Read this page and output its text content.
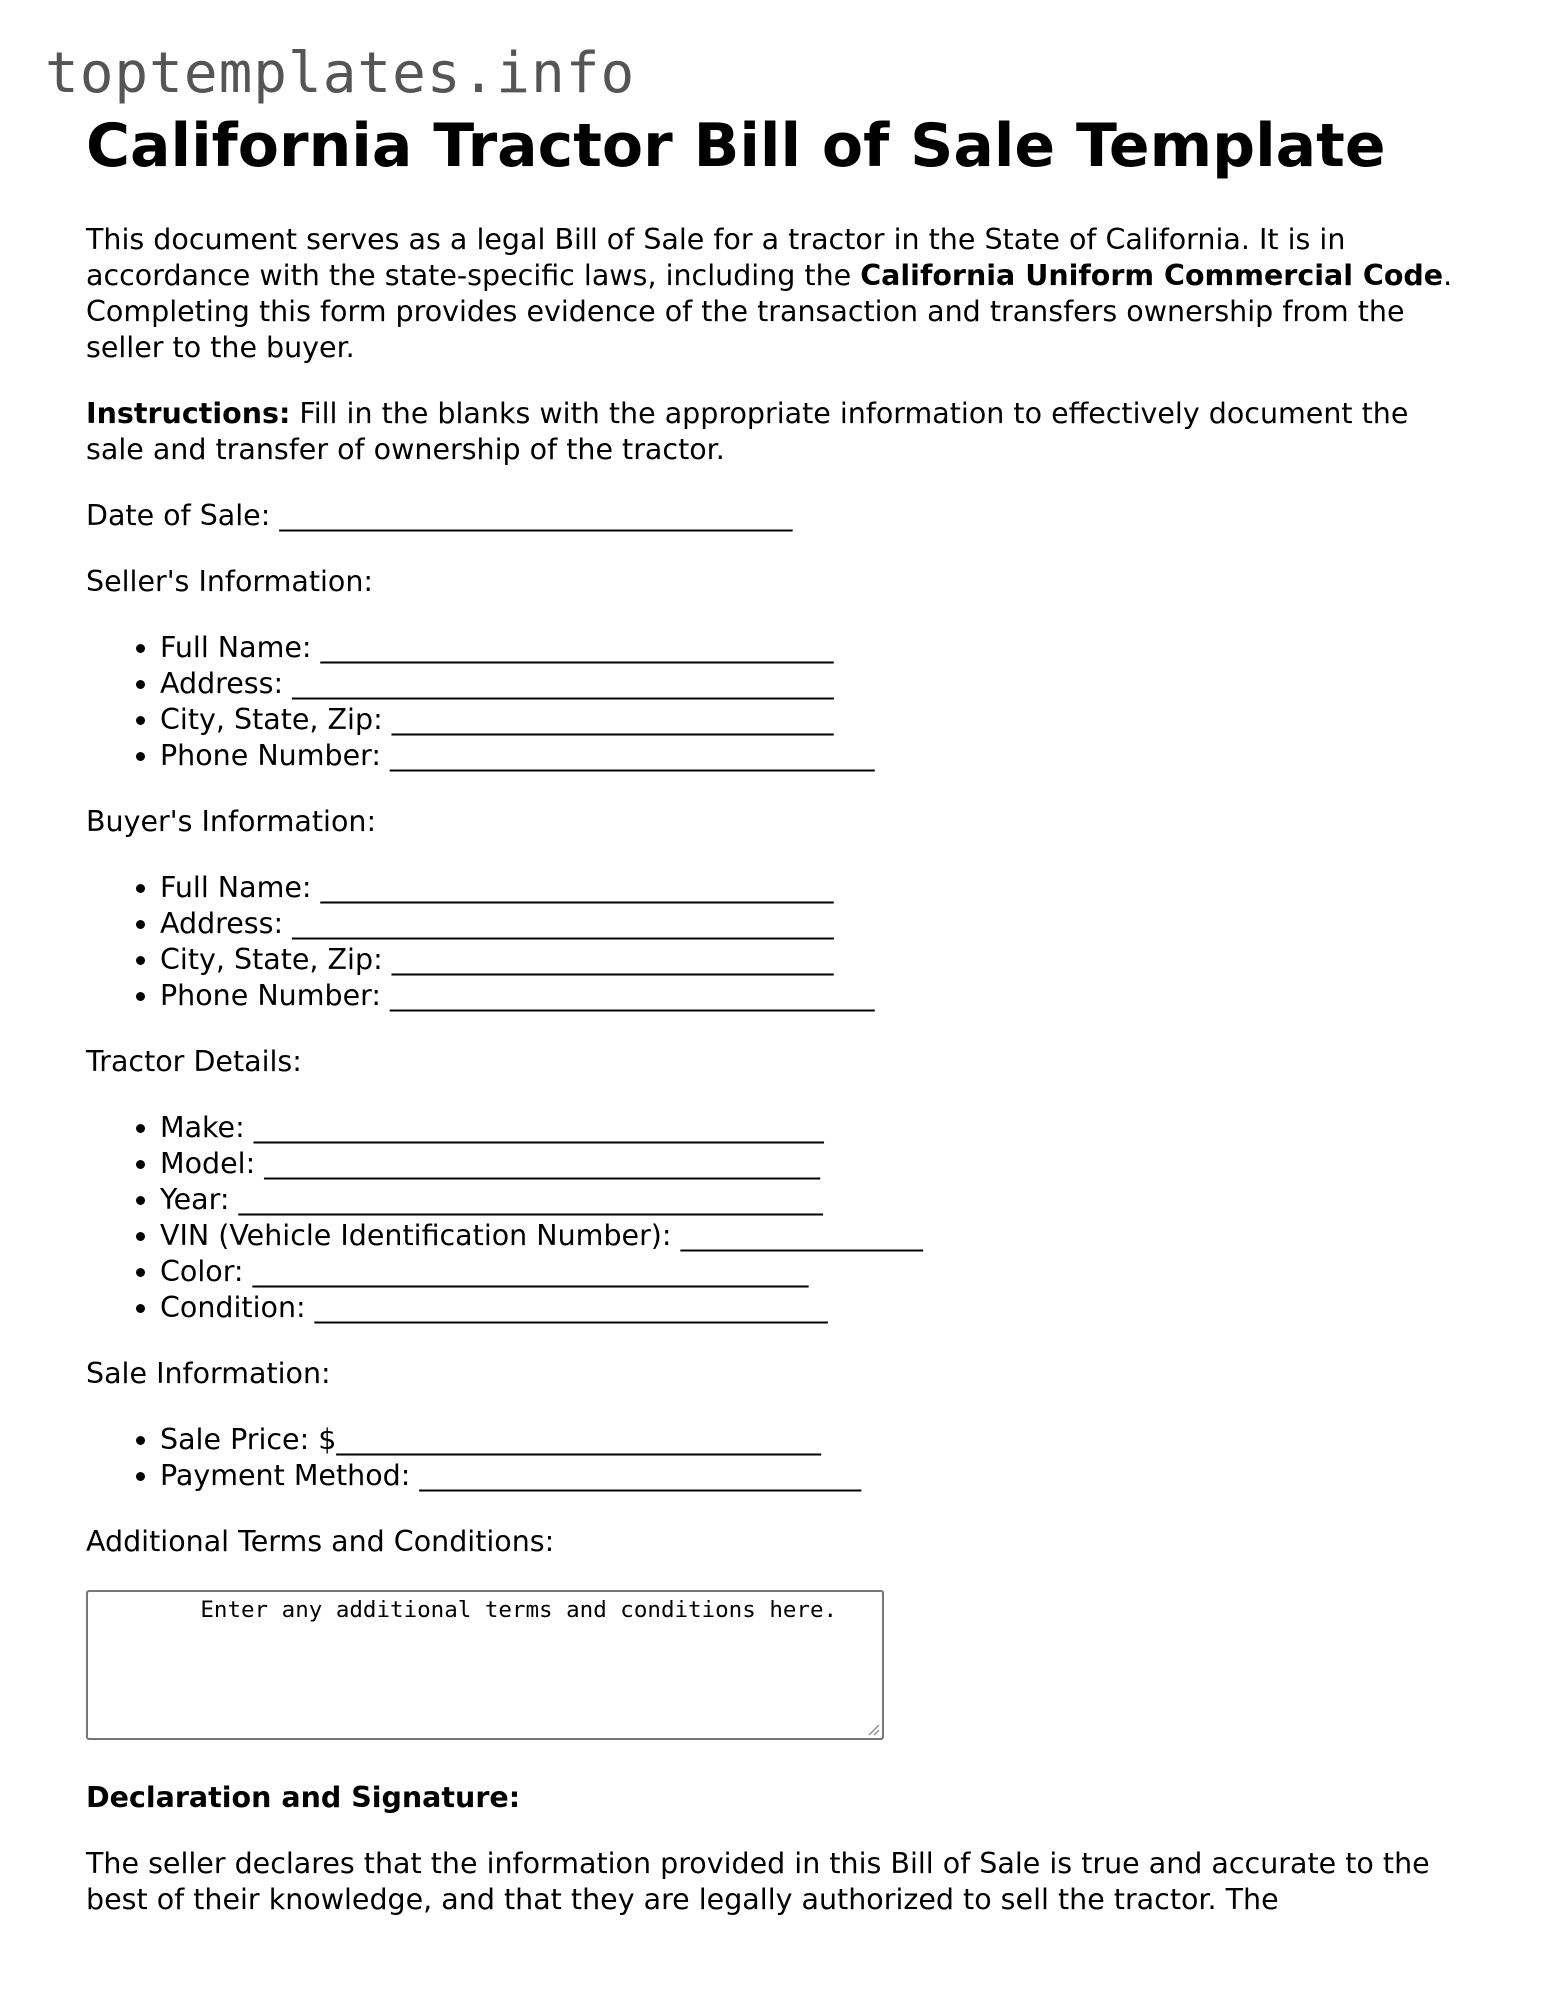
toptemplates.info
California Tractor Bill of Sale Template

This document serves as a legal Bill of Sale for a tractor in the State of California. It is in accordance with the state-specific laws, including the California Uniform Commercial Code. Completing this form provides evidence of the transaction and transfers ownership from the seller to the buyer.

Instructions: Fill in the blanks with the appropriate information to effectively document the sale and transfer of ownership of the tractor.

Date of Sale: ____________________________________

Seller's Information:

• Full Name: ____________________________________
• Address: ______________________________________
• City, State, Zip: _______________________________
• Phone Number: __________________________________

Buyer's Information:

• Full Name: ____________________________________
• Address: ______________________________________
• City, State, Zip: _______________________________
• Phone Number: __________________________________

Tractor Details:

• Make: ________________________________________
• Model: _______________________________________
• Year: _________________________________________
• VIN (Vehicle Identification Number): _________________
• Color: _______________________________________
• Condition: ____________________________________

Sale Information:

• Sale Price: $__________________________________
• Payment Method: _______________________________

Additional Terms and Conditions:

Enter any additional terms and conditions here.
Declaration and Signature:

The seller declares that the information provided in this Bill of Sale is true and accurate to the best of their knowledge, and that they are legally authorized to sell the tractor. The
